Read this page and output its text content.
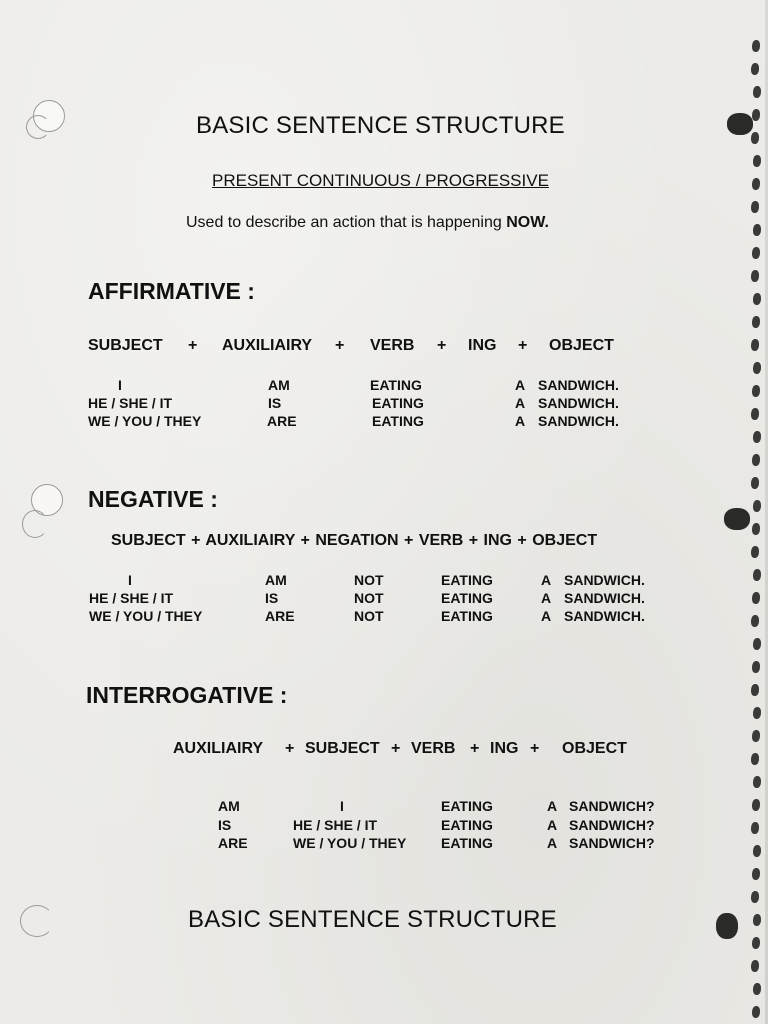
BASIC SENTENCE STRUCTURE
PRESENT CONTINUOUS / PROGRESSIVE
Used to describe an action that is happening NOW.
AFFIRMATIVE :
SUBJECT + AUXILIAIRY + VERB + ING + OBJECT
I	AM	EATING	A SANDWICH.
HE / SHE / IT	IS	EATING	A SANDWICH.
WE / YOU / THEY	ARE	EATING	A SANDWICH.
NEGATIVE :
SUBJECT + AUXILIAIRY + NEGATION + VERB + ING + OBJECT
I	AM	NOT	EATING	A SANDWICH.
HE / SHE / IT	IS	NOT	EATING	A SANDWICH.
WE / YOU / THEY	ARE	NOT	EATING	A SANDWICH.
INTERROGATIVE :
AUXILIAIRY + SUBJECT + VERB + ING + OBJECT
AM	I	EATING	A SANDWICH?
IS	HE / SHE / IT	EATING	A SANDWICH?
ARE	WE / YOU / THEY EATING	A SANDWICH?
BASIC SENTENCE STRUCTURE
